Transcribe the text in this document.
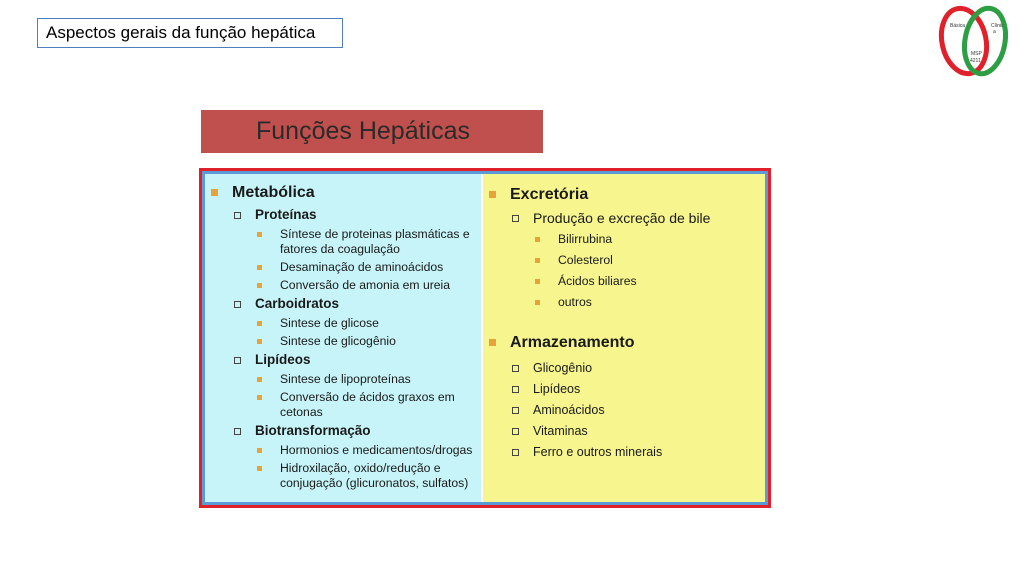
Aspectos gerais da função hepática	Básica	Clínic
a
MSP
4211
Funções Hepáticas
Metabólica
Proteínas
Síntese de proteinas plasmáticas e fatores da coagulação
Desaminação de aminoácidos
Conversão de amonia em ureia
Carboidratos
Sintese de glicose
Sintese de glicogênio
Lipídeos
Sintese de lipoproteínas
Conversão de ácidos graxos em cetonas
Biotransformação
Hormonios e medicamentos/drogas
Hidroxilação, oxido/redução e conjugação (glicuronatos, sulfatos)
Excretória
Produção e excreção de bile
Bilirrubina
Colesterol
Ácidos biliares
outros
Armazenamento
Glicogênio
Lipídeos
Aminoácidos
Vitaminas
Ferro e outros minerais
